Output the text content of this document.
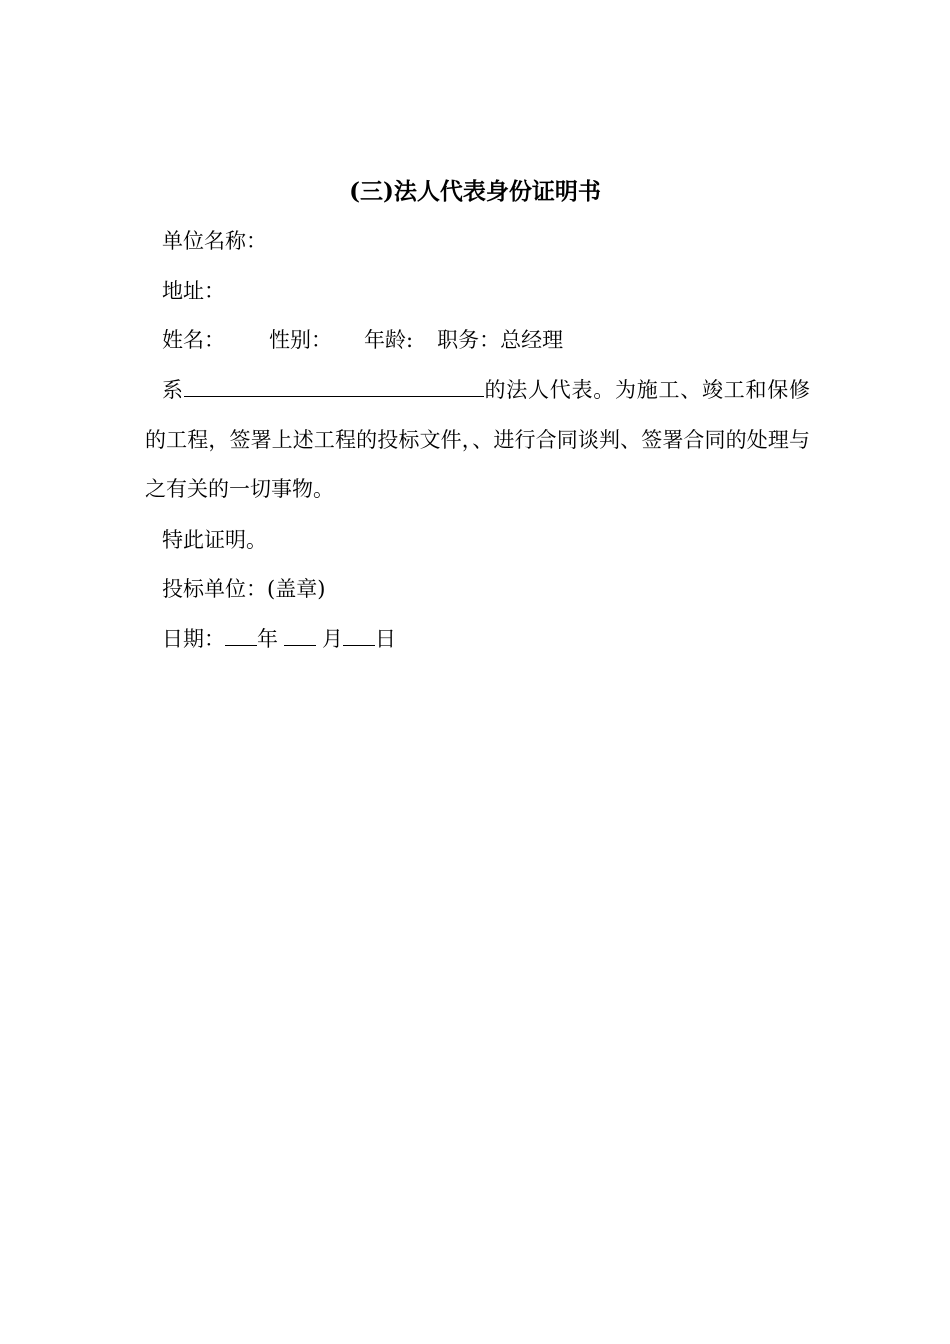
(三)法人代表身份证明书
单位名称：
地址：
姓名： 性别： 年龄: 职务：总经理
系	的法人代表。为施工、竣工和保修的工程，签署上述工程的投标文件，、进行合同谈判、签署合同的处理与之有关的一切事物。
特此证明。
投标单位：(盖章)
日期： 年 月 日
